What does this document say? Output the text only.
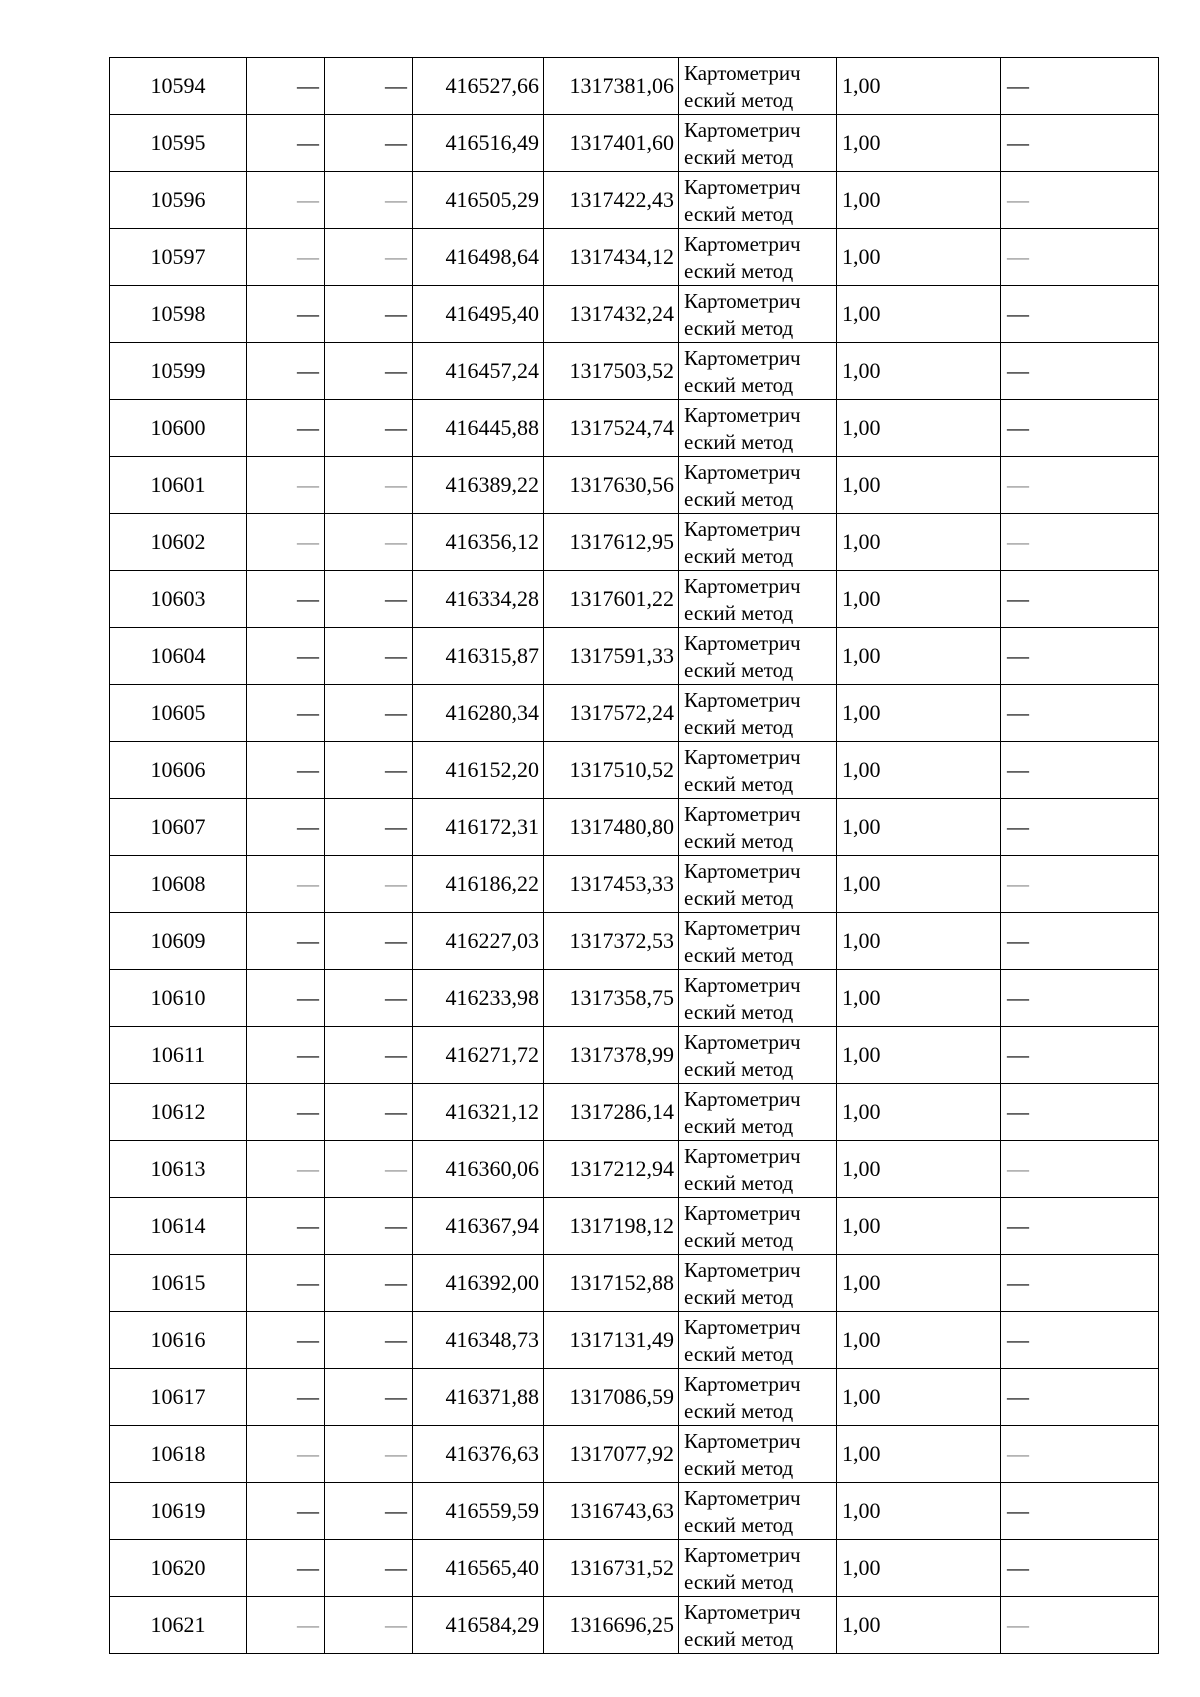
10594	—	—	416527,66	1317381,06	Картометрич
еский метод	1,00	—
10595	—	—	416516,49	1317401,60	Картометрич
еский метод	1,00	—
10596	—	—	416505,29	1317422,43	Картометрич
еский метод	1,00	—
10597	—	—	416498,64	1317434,12	Картометрич
еский метод	1,00	—
10598	—	—	416495,40	1317432,24	Картометрич
еский метод	1,00	—
10599	—	—	416457,24	1317503,52	Картометрич
еский метод	1,00	—
10600	—	—	416445,88	1317524,74	Картометрич
еский метод	1,00	—
10601	—	—	416389,22	1317630,56	Картометрич
еский метод	1,00	—
10602	—	—	416356,12	1317612,95	Картометрич
еский метод	1,00	—
10603	—	—	416334,28	1317601,22	Картометрич
еский метод	1,00	—
10604	—	—	416315,87	1317591,33	Картометрич
еский метод	1,00	—
10605	—	—	416280,34	1317572,24	Картометрич
еский метод	1,00	—
10606	—	—	416152,20	1317510,52	Картометрич
еский метод	1,00	—
10607	—	—	416172,31	1317480,80	Картометрич
еский метод	1,00	—
10608	—	—	416186,22	1317453,33	Картометрич
еский метод	1,00	—
10609	—	—	416227,03	1317372,53	Картометрич
еский метод	1,00	—
10610	—	—	416233,98	1317358,75	Картометрич
еский метод	1,00	—
10611	—	—	416271,72	1317378,99	Картометрич
еский метод	1,00	—
10612	—	—	416321,12	1317286,14	Картометрич
еский метод	1,00	—
10613	—	—	416360,06	1317212,94	Картометрич
еский метод	1,00	—
10614	—	—	416367,94	1317198,12	Картометрич
еский метод	1,00	—
10615	—	—	416392,00	1317152,88	Картометрич
еский метод	1,00	—
10616	—	—	416348,73	1317131,49	Картометрич
еский метод	1,00	—
10617	—	—	416371,88	1317086,59	Картометрич
еский метод	1,00	—
10618	—	—	416376,63	1317077,92	Картометрич
еский метод	1,00	—
10619	—	—	416559,59	1316743,63	Картометрич
еский метод	1,00	—
10620	—	—	416565,40	1316731,52	Картометрич
еский метод	1,00	—
10621	—	—	416584,29	1316696,25	Картометрич
еский метод	1,00	—
